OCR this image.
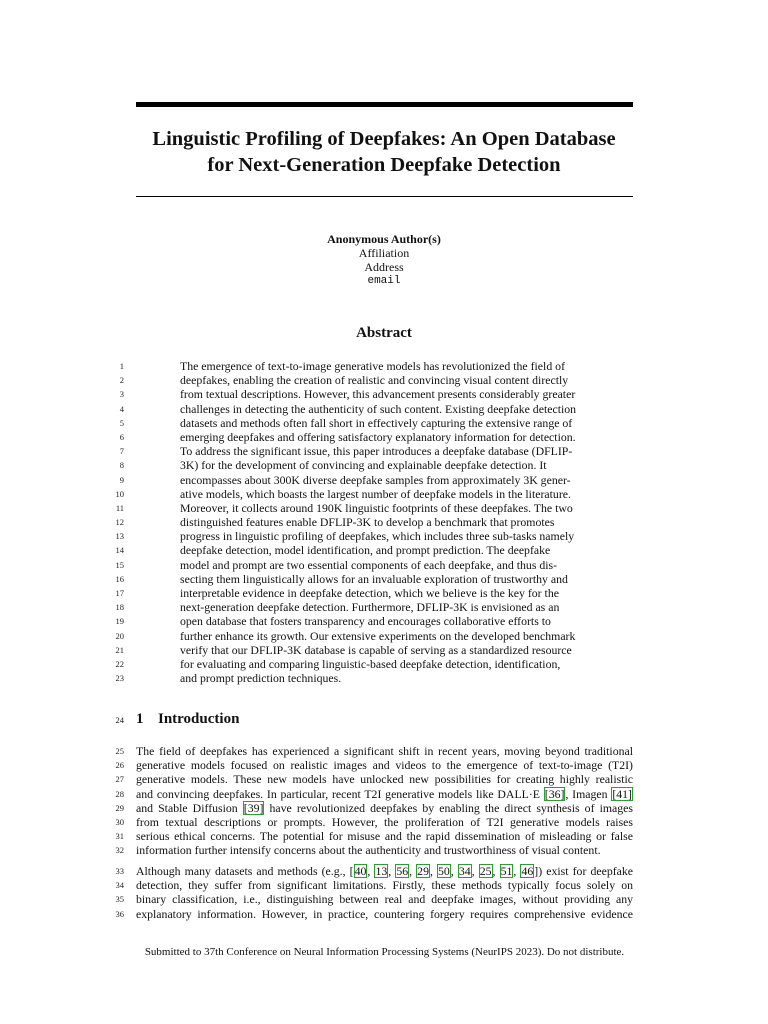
Linguistic Profiling of Deepfakes: An Open Database
for Next-Generation Deepfake Detection
Anonymous Author(s)
Affiliation
Address
email
Abstract
1
2
3
4
5
6
7
8
9
10
11
12
13
14
15
16
17
18
19
20
21
22
23
The emergence of text-to-image generative models has revolutionized the field of
deepfakes, enabling the creation of realistic and convincing visual content directly
from textual descriptions. However, this advancement presents considerably greater
challenges in detecting the authenticity of such content. Existing deepfake detection
datasets and methods often fall short in effectively capturing the extensive range of
emerging deepfakes and offering satisfactory explanatory information for detection.
To address the significant issue, this paper introduces a deepfake database (DFLIP-
3K) for the development of convincing and explainable deepfake detection. It
encompasses about 300K diverse deepfake samples from approximately 3K gener-
ative models, which boasts the largest number of deepfake models in the literature.
Moreover, it collects around 190K linguistic footprints of these deepfakes. The two
distinguished features enable DFLIP-3K to develop a benchmark that promotes
progress in linguistic profiling of deepfakes, which includes three sub-tasks namely
deepfake detection, model identification, and prompt prediction. The deepfake
model and prompt are two essential components of each deepfake, and thus dis-
secting them linguistically allows for an invaluable exploration of trustworthy and
interpretable evidence in deepfake detection, which we believe is the key for the
next-generation deepfake detection. Furthermore, DFLIP-3K is envisioned as an
open database that fosters transparency and encourages collaborative efforts to
further enhance its growth. Our extensive experiments on the developed benchmark
verify that our DFLIP-3K database is capable of serving as a standardized resource
for evaluating and comparing linguistic-based deepfake detection, identification,
and prompt prediction techniques.
24 1 Introduction
25
26
27
28
29
30
31
32
The field of deepfakes has experienced a significant shift in recent years, moving beyond traditional
generative models focused on realistic images and videos to the emergence of text-to-image (T2I)
generative models. These new models have unlocked new possibilities for creating highly realistic
and convincing deepfakes. In particular, recent T2I generative models like DALL·E [36], Imagen [41]
and Stable Diffusion [39] have revolutionized deepfakes by enabling the direct synthesis of images
from textual descriptions or prompts. However, the proliferation of T2I generative models raises
serious ethical concerns. The potential for misuse and the rapid dissemination of misleading or false
information further intensify concerns about the authenticity and trustworthiness of visual content.
33
34
35
36
Although many datasets and methods (e.g., [40, 13, 56, 29, 50, 34, 25, 51, 46]) exist for deepfake
detection, they suffer from significant limitations. Firstly, these methods typically focus solely on
binary classification, i.e., distinguishing between real and deepfake images, without providing any
explanatory information. However, in practice, countering forgery requires comprehensive evidence
Submitted to 37th Conference on Neural Information Processing Systems (NeurIPS 2023). Do not distribute.
